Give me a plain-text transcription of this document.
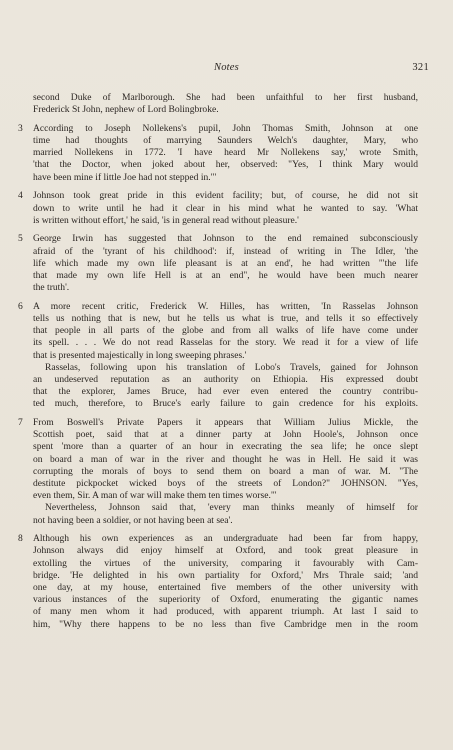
Notes	321
second Duke of Marlborough. She had been unfaithful to her first husband,
Frederick St John, nephew of Lord Bolingbroke.
3 According to Joseph Nollekens's pupil, John Thomas Smith, Johnson at one
time had thoughts of marrying Saunders Welch's daughter, Mary, who
married Nollekens in 1772. 'I have heard Mr Nollekens say,' wrote Smith,
'that the Doctor, when joked about her, observed: "Yes, I think Mary would
have been mine if little Joe had not stepped in."'
4 Johnson took great pride in this evident facility; but, of course, he did not sit
down to write until he had it clear in his mind what he wanted to say. 'What
is written without effort,' he said, 'is in general read without pleasure.'
5 George Irwin has suggested that Johnson to the end remained subconsciously
afraid of the 'tyrant of his childhood': if, instead of writing in The Idler, 'the
life which made my own life pleasant is at an end', he had written '"the life
that made my own life Hell is at an end", he would have been much nearer
the truth'.
6 A more recent critic, Frederick W. Hilles, has written, 'In Rasselas Johnson
tells us nothing that is new, but he tells us what is true, and tells it so effectively
that people in all parts of the globe and from all walks of life have come under
its spell. . . . We do not read Rasselas for the story. We read it for a view of life
that is presented majestically in long sweeping phrases.'
Rasselas, following upon his translation of Lobo's Travels, gained for Johnson
an undeserved reputation as an authority on Ethiopia. His expressed doubt
that the explorer, James Bruce, had ever even entered the country contribu-
ted much, therefore, to Bruce's early failure to gain credence for his exploits.
7 From Boswell's Private Papers it appears that William Julius Mickle, the
Scottish poet, said that at a dinner party at John Hoole's, Johnson once
spent 'more than a quarter of an hour in execrating the sea life; he once slept
on board a man of war in the river and thought he was in Hell. He said it was
corrupting the morals of boys to send them on board a man of war. M. "The
destitute pickpocket wicked boys of the streets of London?" JOHNSON. "Yes,
even them, Sir. A man of war will make them ten times worse."'
Nevertheless, Johnson said that, 'every man thinks meanly of himself for
not having been a soldier, or not having been at sea'.
8 Although his own experiences as an undergraduate had been far from happy,
Johnson always did enjoy himself at Oxford, and took great pleasure in
extolling the virtues of the university, comparing it favourably with Cam-
bridge. 'He delighted in his own partiality for Oxford,' Mrs Thrale said; 'and
one day, at my house, entertained five members of the other university with
various instances of the superiority of Oxford, enumerating the gigantic names
of many men whom it had produced, with apparent triumph. At last I said to
him, "Why there happens to be no less than five Cambridge men in the room
